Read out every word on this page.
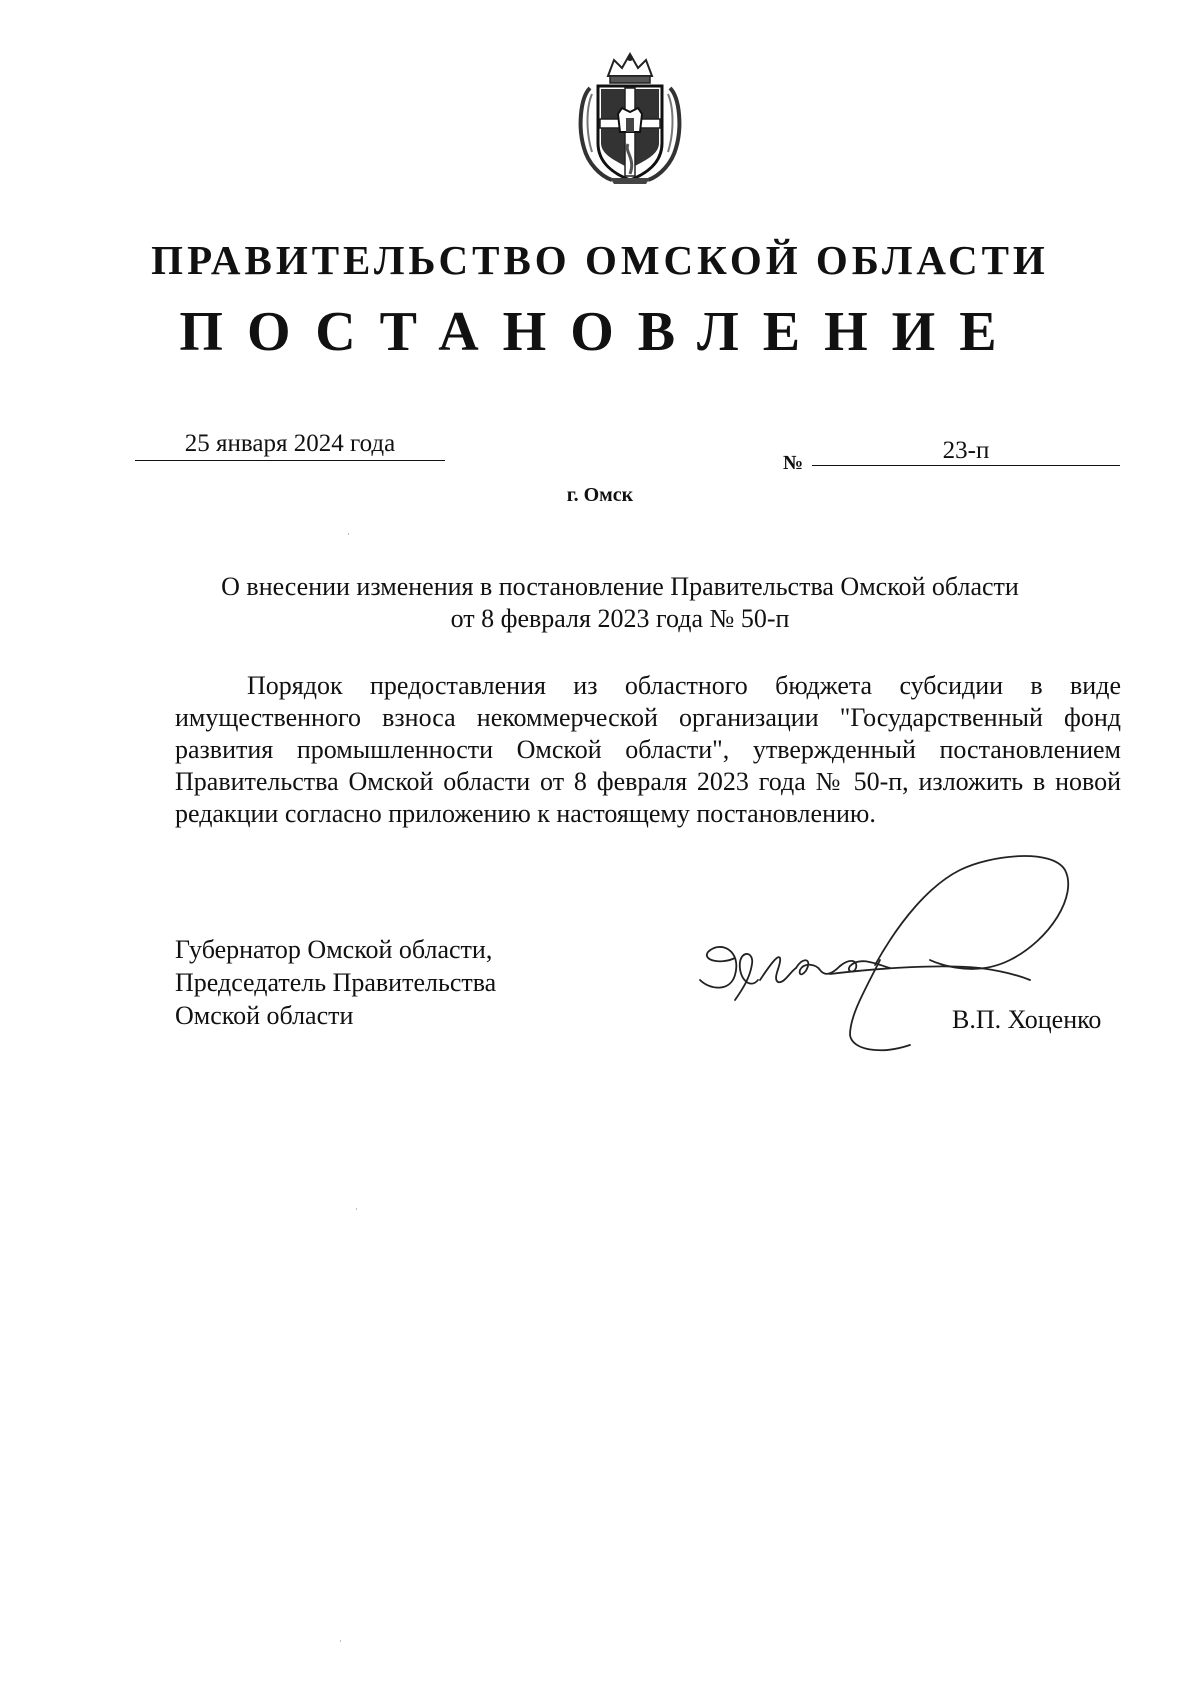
ПРАВИТЕЛЬСТВО ОМСКОЙ ОБЛАСТИ
ПОСТАНОВЛЕНИЕ
25 января 2024 года
№	23-п
г. Омск
О внесении изменения в постановление Правительства Омской области
от 8 февраля 2023 года № 50-п
Порядок предоставления из областного бюджета субсидии в виде имущественного взноса некоммерческой организации "Государственный фонд развития промышленности Омской области", утвержденный постановлением Правительства Омской области от 8 февраля 2023 года № 50-п, изложить в новой редакции согласно приложению к настоящему постановлению.
Губернатор Омской области,
Председатель Правительства
Омской области	В.П. Хоценко
